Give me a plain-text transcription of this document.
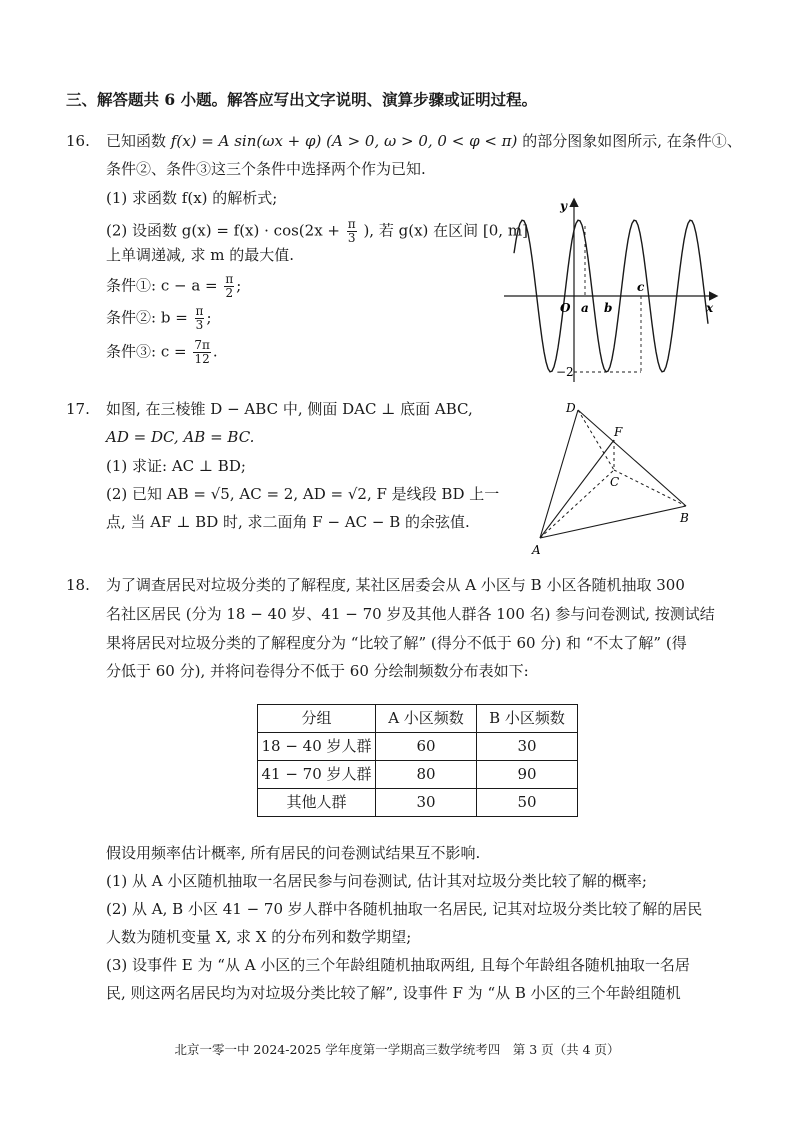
三、解答题共 6 小题。解答应写出文字说明、演算步骤或证明过程。
16. 已知函数 f(x) = A sin(ωx + φ) (A > 0, ω > 0, 0 < φ < π) 的部分图象如图所示, 在条件①、
条件②、条件③这三个条件中选择两个作为已知.
(1) 求函数 f(x) 的解析式;
(2) 设函数 $g(x) = f(x) \cdot \cos(2x + \frac{\pi}{3}$ ), 若 g(x) 在区间 [0, m]
上单调递减, 求 m 的最大值.
条件①: $c - a = \frac{\pi}{2}$ ;
条件②: $b = \frac{\pi}{3}$ ;
条件③: $c = \frac{7\pi}{12}$ .
y
x
O a b
c
−2
17. 如图, 在三棱锥 D − ABC 中, 侧面 DAC ⊥ 底面 ABC,
AD = DC, AB = BC.
(1) 求证: AC ⊥ BD;
(2) 已知 AB = √5, AC = 2, AD = √2, F 是线段 BD 上一
点, 当 AF ⊥ BD 时, 求二面角 F − AC − B 的余弦值.
D
F
C
B
A
18. 为了调查居民对垃圾分类的了解程度, 某社区居委会从 A 小区与 B 小区各随机抽取 300
名社区居民 (分为 18 − 40 岁、41 − 70 岁及其他人群各 100 名) 参与问卷测试, 按测试结
果将居民对垃圾分类的了解程度分为 “比较了解” (得分不低于 60 分) 和 “不太了解” (得
分低于 60 分), 并将问卷得分不低于 60 分绘制频数分布表如下:
分组	A 小区频数	B 小区频数
18 − 40 岁人群	60	30
41 − 70 岁人群	80	90
其他人群	30	50
假设用频率估计概率, 所有居民的问卷测试结果互不影响.
(1) 从 A 小区随机抽取一名居民参与问卷测试, 估计其对垃圾分类比较了解的概率;
(2) 从 A, B 小区 41 − 70 岁人群中各随机抽取一名居民, 记其对垃圾分类比较了解的居民
人数为随机变量 X, 求 X 的分布列和数学期望;
(3) 设事件 E 为 “从 A 小区的三个年龄组随机抽取两组, 且每个年龄组各随机抽取一名居
民, 则这两名居民均为对垃圾分类比较了解”, 设事件 F 为 “从 B 小区的三个年龄组随机
北京一零一中 2024-2025 学年度第一学期高三数学统考四　第 3 页（共 4 页）
